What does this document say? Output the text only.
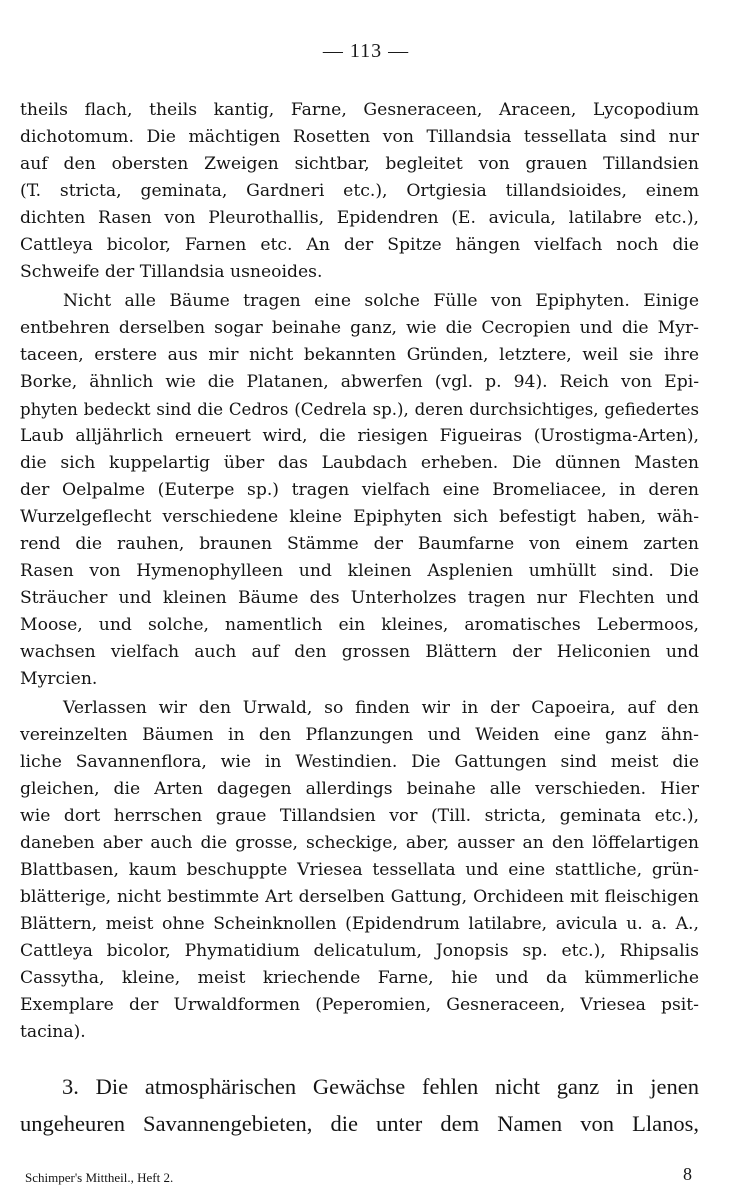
— 113 —
theils flach, theils kantig, Farne, Gesneraceen, Araceen, Lycopodium
dichotomum. Die mächtigen Rosetten von Tillandsia tessellata sind nur
auf den obersten Zweigen sichtbar, begleitet von grauen Tillandsien
(T. stricta, geminata, Gardneri etc.), Ortgiesia tillandsioides, einem
dichten Rasen von Pleurothallis, Epidendren (E. avicula, latilabre etc.),
Cattleya bicolor, Farnen etc. An der Spitze hängen vielfach noch die
Schweife der Tillandsia usneoides.
Nicht alle Bäume tragen eine solche Fülle von Epiphyten. Einige
entbehren derselben sogar beinahe ganz, wie die Cecropien und die Myr-
taceen, erstere aus mir nicht bekannten Gründen, letztere, weil sie ihre
Borke, ähnlich wie die Platanen, abwerfen (vgl. p. 94). Reich von Epi-
phyten bedeckt sind die Cedros (Cedrela sp.), deren durchsichtiges, gefiedertes
Laub alljährlich erneuert wird, die riesigen Figueiras (Urostigma-Arten),
die sich kuppelartig über das Laubdach erheben. Die dünnen Masten
der Oelpalme (Euterpe sp.) tragen vielfach eine Bromeliacee, in deren
Wurzelgeflecht verschiedene kleine Epiphyten sich befestigt haben, wäh-
rend die rauhen, braunen Stämme der Baumfarne von einem zarten
Rasen von Hymenophylleen und kleinen Asplenien umhüllt sind. Die
Sträucher und kleinen Bäume des Unterholzes tragen nur Flechten und
Moose, und solche, namentlich ein kleines, aromatisches Lebermoos,
wachsen vielfach auch auf den grossen Blättern der Heliconien und
Myrcien.
Verlassen wir den Urwald, so finden wir in der Capoeira, auf den
vereinzelten Bäumen in den Pflanzungen und Weiden eine ganz ähn-
liche Savannenflora, wie in Westindien. Die Gattungen sind meist die
gleichen, die Arten dagegen allerdings beinahe alle verschieden. Hier
wie dort herrschen graue Tillandsien vor (Till. stricta, geminata etc.),
daneben aber auch die grosse, scheckige, aber, ausser an den löffelartigen
Blattbasen, kaum beschuppte Vriesea tessellata und eine stattliche, grün-
blätterige, nicht bestimmte Art derselben Gattung, Orchideen mit fleischigen
Blättern, meist ohne Scheinknollen (Epidendrum latilabre, avicula u. a. A.,
Cattleya bicolor, Phymatidium delicatulum, Jonopsis sp. etc.), Rhipsalis
Cassytha, kleine, meist kriechende Farne, hie und da kümmerliche
Exemplare der Urwaldformen (Peperomien, Gesneraceen, Vriesea psit-
tacina).
3. Die atmosphärischen Gewächse fehlen nicht ganz in jenen
ungeheuren Savannengebieten, die unter dem Namen von Llanos,
Schimper's Mittheil., Heft 2.	8
